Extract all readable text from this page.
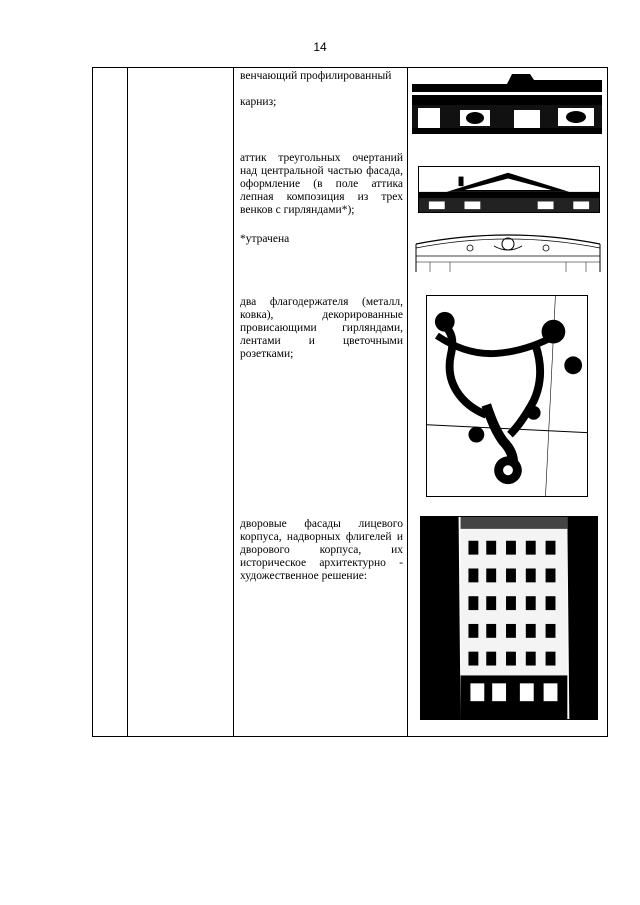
14

венчающий профилированный

карниз;

аттик треугольных очертаний над центральной частью фасада, оформление (в поле аттика лепная композиция из трех венков с гирляндами*);

*утрачена

два флагодержателя (металл, ковка), декорированные провисающими гирляндами, лентами и цветочными розетками;

дворовые фасады лицевого корпуса, надворных флигелей и дворового корпуса, их историческое архитектурно - художественное решение:
